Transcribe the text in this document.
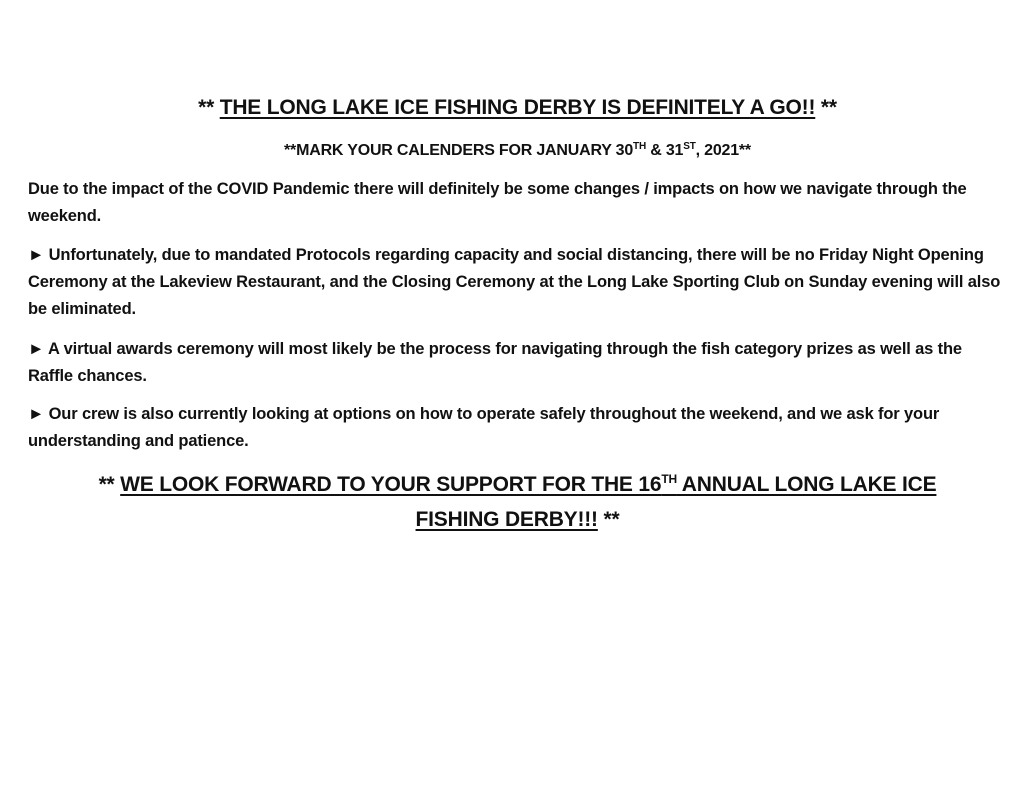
** THE LONG LAKE ICE FISHING DERBY IS DEFINITELY A GO!! **
**MARK YOUR CALENDERS FOR JANUARY 30TH & 31ST, 2021**
Due to the impact of the COVID Pandemic there will definitely be some changes / impacts on how we navigate through the weekend.
► Unfortunately, due to mandated Protocols regarding capacity and social distancing, there will be no Friday Night Opening Ceremony at the Lakeview Restaurant, and the Closing Ceremony at the Long Lake Sporting Club on Sunday evening will also be eliminated.
► A virtual awards ceremony will most likely be the process for navigating through the fish category prizes as well as the Raffle chances.
► Our crew is also currently looking at options on how to operate safely throughout the weekend, and we ask for your understanding and patience.
** WE LOOK FORWARD TO YOUR SUPPORT FOR THE 16TH ANNUAL LONG LAKE ICE FISHING DERBY!!! **
